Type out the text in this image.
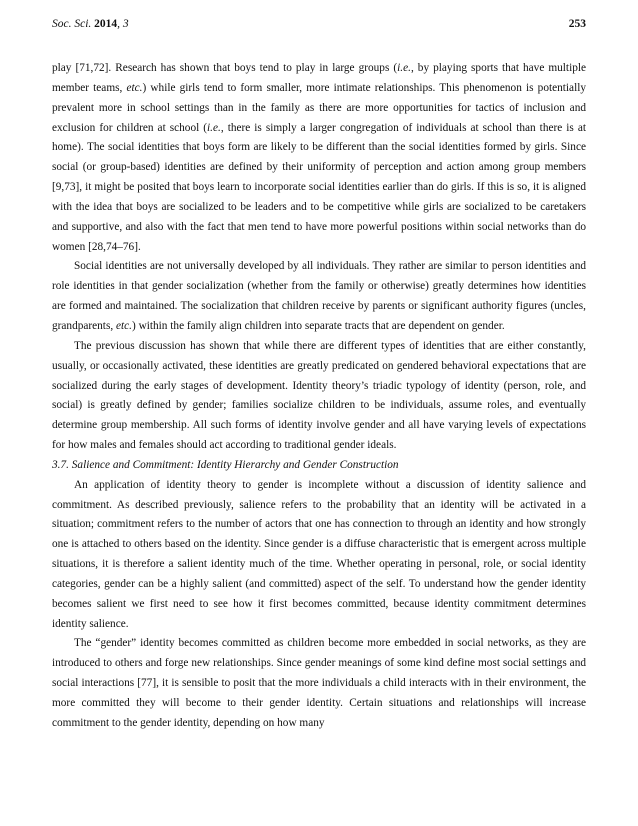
Soc. Sci. 2014, 3	253

play [71,72]. Research has shown that boys tend to play in large groups (i.e., by playing sports that have multiple member teams, etc.) while girls tend to form smaller, more intimate relationships. This phenomenon is potentially prevalent more in school settings than in the family as there are more opportunities for tactics of inclusion and exclusion for children at school (i.e., there is simply a larger congregation of individuals at school than there is at home). The social identities that boys form are likely to be different than the social identities formed by girls. Since social (or group-based) identities are defined by their uniformity of perception and action among group members [9,73], it might be posited that boys learn to incorporate social identities earlier than do girls. If this is so, it is aligned with the idea that boys are socialized to be leaders and to be competitive while girls are socialized to be caretakers and supportive, and also with the fact that men tend to have more powerful positions within social networks than do women [28,74–76].

Social identities are not universally developed by all individuals. They rather are similar to person identities and role identities in that gender socialization (whether from the family or otherwise) greatly determines how identities are formed and maintained. The socialization that children receive by parents or significant authority figures (uncles, grandparents, etc.) within the family align children into separate tracts that are dependent on gender.

The previous discussion has shown that while there are different types of identities that are either constantly, usually, or occasionally activated, these identities are greatly predicated on gendered behavioral expectations that are socialized during the early stages of development. Identity theory’s triadic typology of identity (person, role, and social) is greatly defined by gender; families socialize children to be individuals, assume roles, and eventually determine group membership. All such forms of identity involve gender and all have varying levels of expectations for how males and females should act according to traditional gender ideals.

3.7. Salience and Commitment: Identity Hierarchy and Gender Construction

An application of identity theory to gender is incomplete without a discussion of identity salience and commitment. As described previously, salience refers to the probability that an identity will be activated in a situation; commitment refers to the number of actors that one has connection to through an identity and how strongly one is attached to others based on the identity. Since gender is a diffuse characteristic that is emergent across multiple situations, it is therefore a salient identity much of the time. Whether operating in personal, role, or social identity categories, gender can be a highly salient (and committed) aspect of the self. To understand how the gender identity becomes salient we first need to see how it first becomes committed, because identity commitment determines identity salience.

The “gender” identity becomes committed as children become more embedded in social networks, as they are introduced to others and forge new relationships. Since gender meanings of some kind define most social settings and social interactions [77], it is sensible to posit that the more individuals a child interacts with in their environment, the more committed they will become to their gender identity. Certain situations and relationships will increase commitment to the gender identity, depending on how many
